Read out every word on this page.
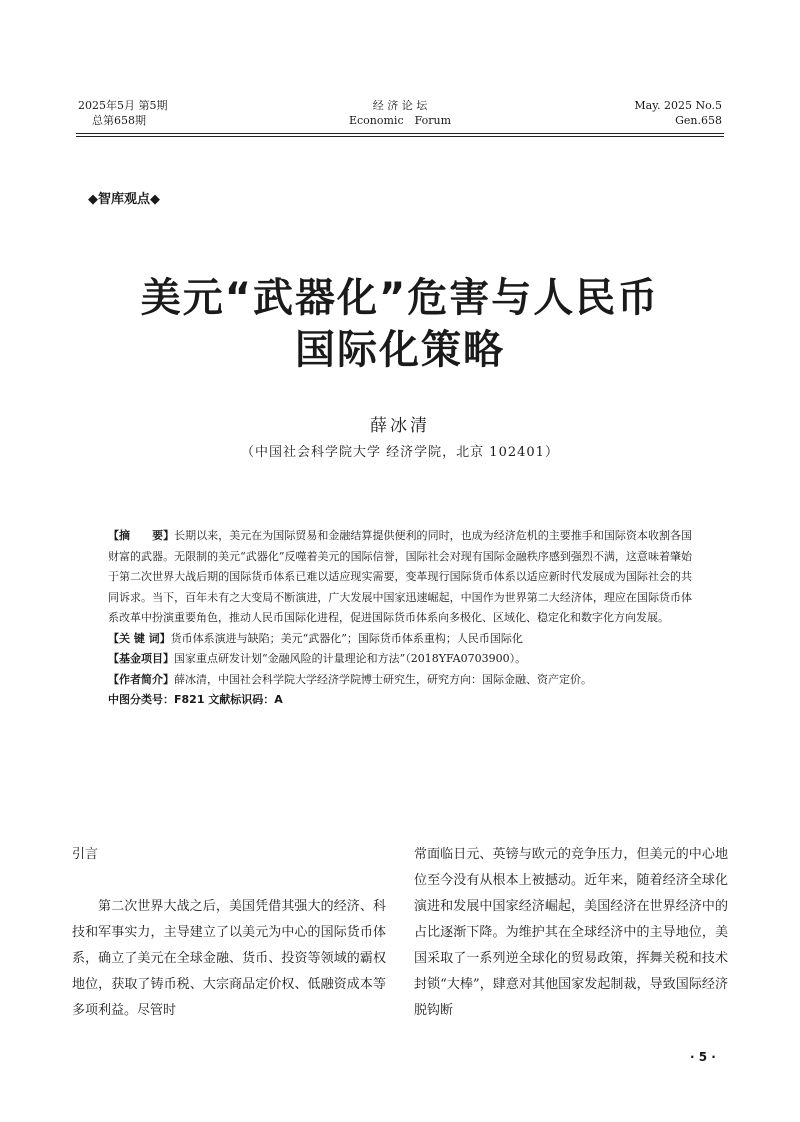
2025年5月 第5期
总第658期
经 济 论 坛
Economic　Forum
May. 2025 No.5
Gen.658
◆智库观点◆
美元“武器化”危害与人民币
国际化策略
薛冰清
（中国社会科学院大学 经济学院，北京 102401）

【摘　　要】长期以来，美元在为国际贸易和金融结算提供便利的同时，也成为经济危机的主要推手和国际资本收割各国财富的武器。无限制的美元“武器化”反噬着美元的国际信誉，国际社会对现有国际金融秩序感到强烈不满，这意味着肇始于第二次世界大战后期的国际货币体系已难以适应现实需要，变革现行国际货币体系以适应新时代发展成为国际社会的共同诉求。当下，百年未有之大变局不断演进，广大发展中国家迅速崛起，中国作为世界第二大经济体，理应在国际货币体系改革中扮演重要角色，推动人民币国际化进程，促进国际货币体系向多极化、区域化、稳定化和数字化方向发展。

【关 键 词】货币体系演进与缺陷；美元“武器化”；国际货币体系重构；人民币国际化

【基金项目】国家重点研发计划“金融风险的计量理论和方法”（2018YFA0703900）。

【作者简介】薛冰清，中国社会科学院大学经济学院博士研究生，研究方向：国际金融、资产定价。

中图分类号：F821 文献标识码：A

引言

第二次世界大战之后，美国凭借其强大的经济、科技和军事实力，主导建立了以美元为中心的国际货币体系，确立了美元在全球金融、货币、投资等领域的霸权地位，获取了铸币税、大宗商品定价权、低融资成本等多项利益。尽管时

常面临日元、英镑与欧元的竞争压力，但美元的中心地位至今没有从根本上被撼动。近年来，随着经济全球化演进和发展中国家经济崛起，美国经济在世界经济中的占比逐渐下降。为维护其在全球经济中的主导地位，美国采取了一系列逆全球化的贸易政策，挥舞关税和技术封锁“大棒”，肆意对其他国家发起制裁，导致国际经济脱钩断

· 5 ·
